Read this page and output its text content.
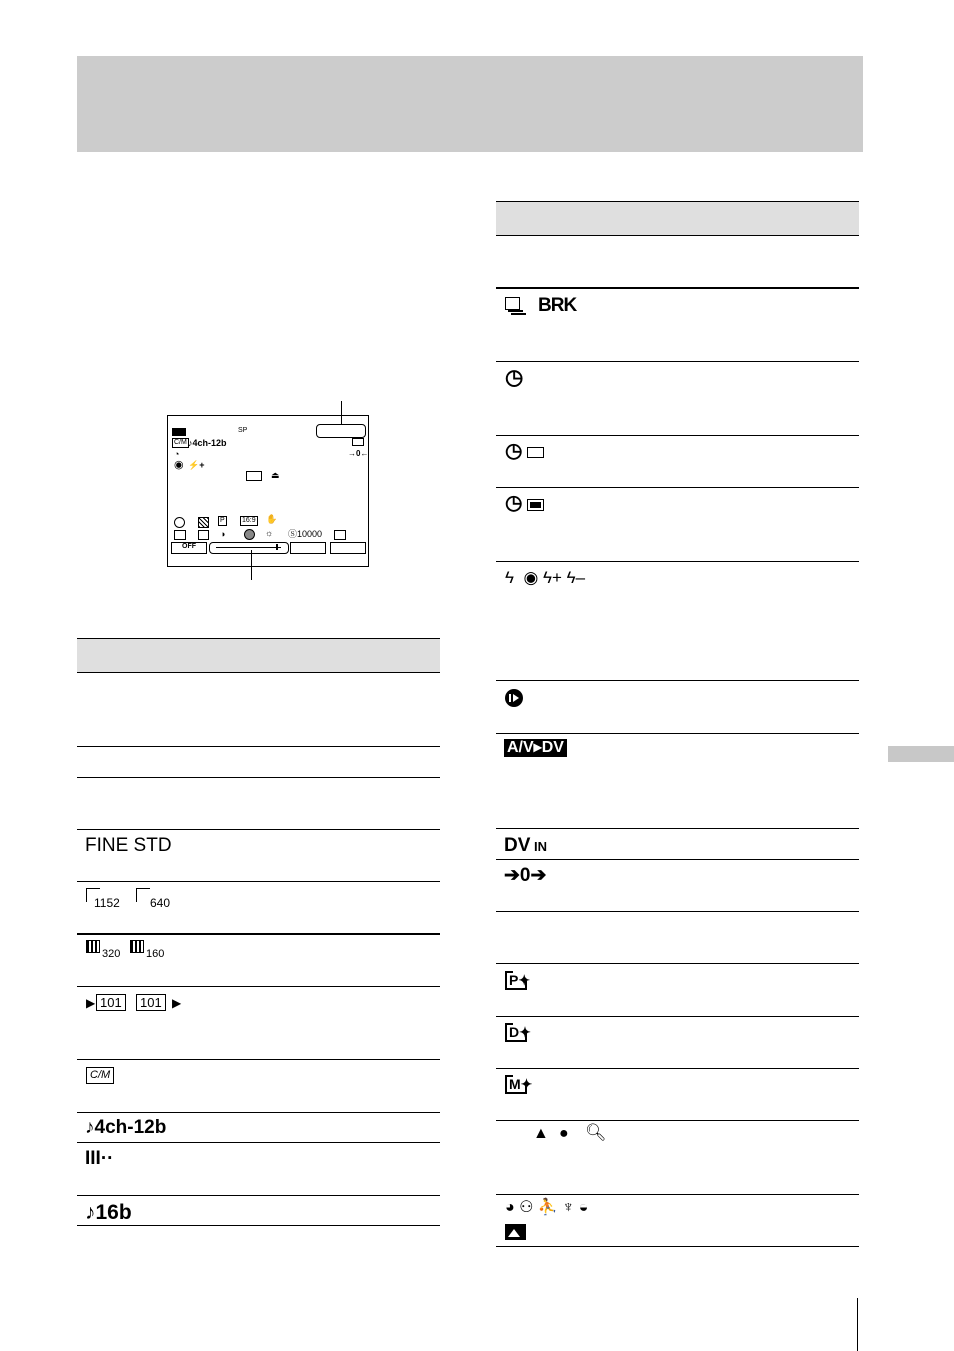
SP
C/M ♪4ch-12b
◔
◉ ⚡+
→0←
⏏
P 16:9 ✋
◑	☼ Ⓢ10000
OFF
FINE STD
1152	640
320 160
▶ 101	101 ▶
C/M
♪4ch-12b
III··
♪16b
BRK
◷
◷
◷
ϟ  ◉ ϟ+ ϟ–
A/V▸DV
DV IN
➔0➔
P✦
D✦
M✦
▲ ● 🔍︎
◕ ⚇ ⛹ ♆ ◒
